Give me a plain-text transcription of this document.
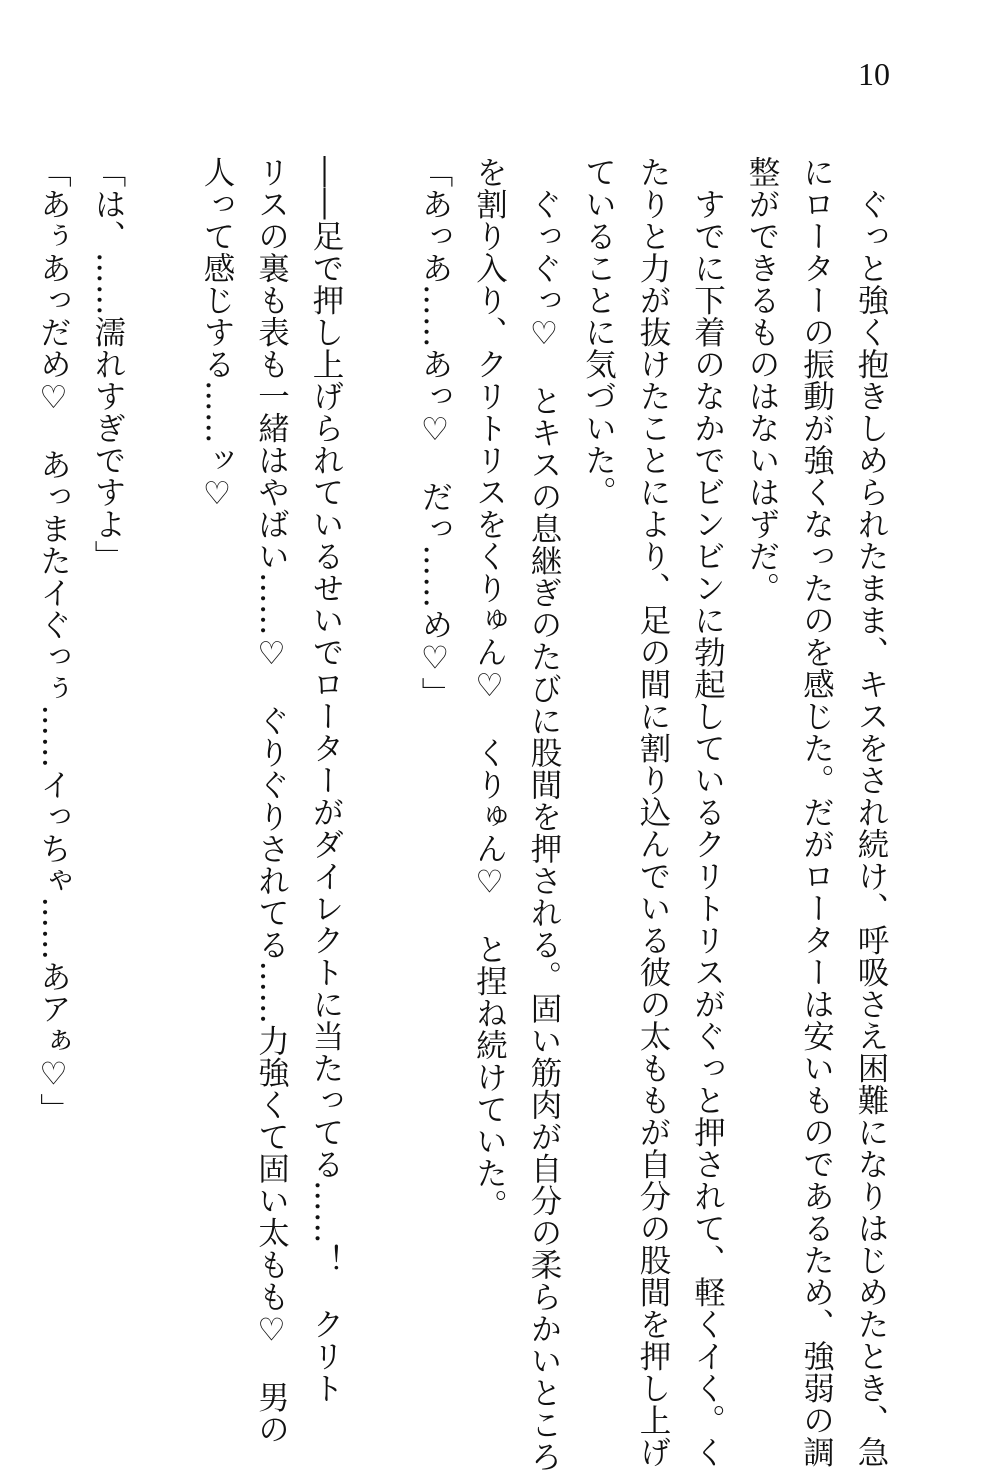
10
　ぐっと強く抱きしめられたまま、キスをされ続け、呼吸さえ困難になりはじめたとき、急
にローターの振動が強くなったのを感じた。だがローターは安いものであるため、強弱の調
整ができるものはないはずだ。
　すでに下着のなかでビンビンに勃起しているクリトリスがぐっと押されて、軽くイく。く
たりと力が抜けたことにより、足の間に割り込んでいる彼の太ももが自分の股間を押し上げ
ていることに気づいた。
　ぐっぐっ♡　とキスの息継ぎのたびに股間を押される。固い筋肉が自分の柔らかいところ
を割り入り、クリトリスをくりゅん♡　くりゅん♡　と捏ね続けていた。
「あっあ……あっ♡　だっ……め♡」
――足で押し上げられているせいでローターがダイレクトに当たってる……！　クリト
リスの裏も表も一緒はやばい……♡　ぐりぐりされてる……力強くて固い太もも♡　男の
人って感じする……ッ♡
「は、……濡れすぎですよ」
「あぅあっだめ♡　あっまたイぐっぅ……イっちゃ……あアぁ♡」
